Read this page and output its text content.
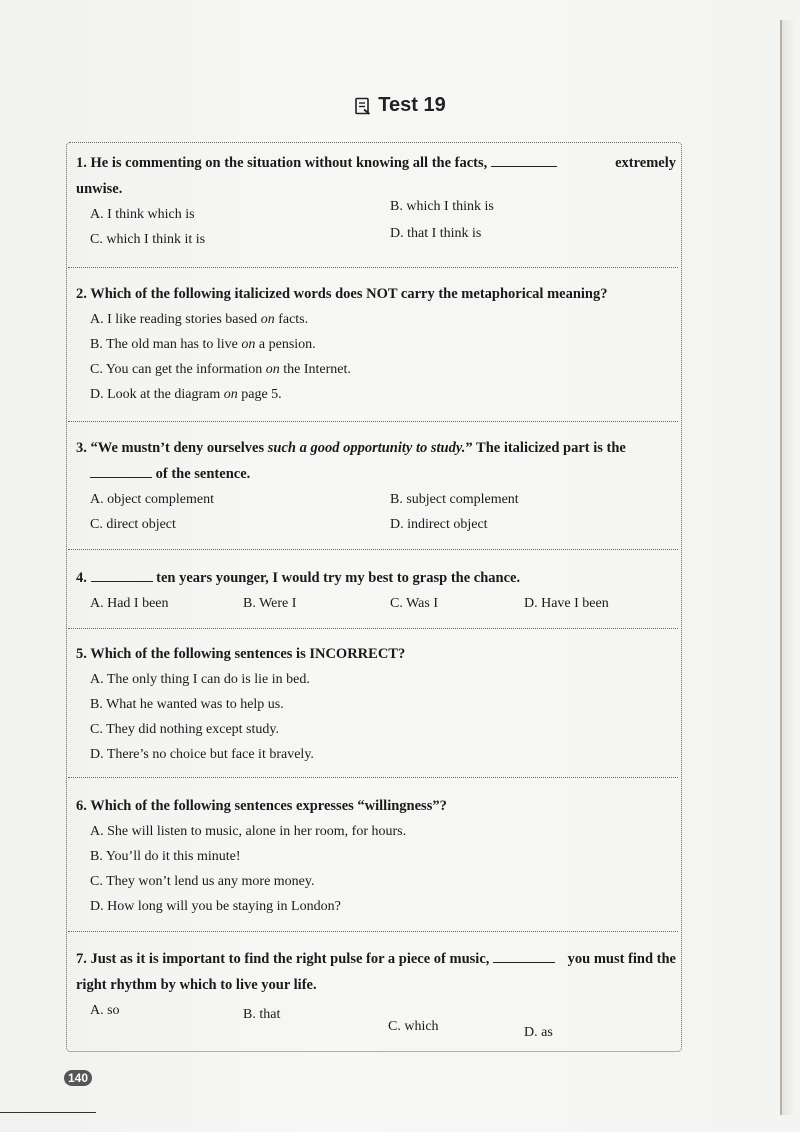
Test 19
1. He is commenting on the situation without knowing all the facts,	extremely
unwise.
A. I think which is
B. which I think is
C. which I think it is	D. that I think is
2. Which of the following italicized words does NOT carry the metaphorical meaning?
A. I like reading stories based on facts.
B. The old man has to live on a pension.
C. You can get the information on the Internet.
D. Look at the diagram on page 5.
3. “We mustn’t deny ourselves such a good opportunity to study.” The italicized part is the
of the sentence.
A. object complement	B. subject complement
C. direct object	D. indirect object
4.	ten years younger, I would try my best to grasp the chance.
A. Had I been	B. Were I	C. Was I	D. Have I been
5. Which of the following sentences is INCORRECT?
A. The only thing I can do is lie in bed.
B. What he wanted was to help us.
C. They did nothing except study.
D. There’s no choice but face it bravely.
6. Which of the following sentences expresses “willingness”?
A. She will listen to music, alone in her room, for hours.
B. You’ll do it this minute!
C. They won’t lend us any more money.
D. How long will you be staying in London?
7. Just as it is important to find the right pulse for a piece of music,	you must find the
right rhythm by which to live your life.
A. so	B. that
C. which	D. as
140
